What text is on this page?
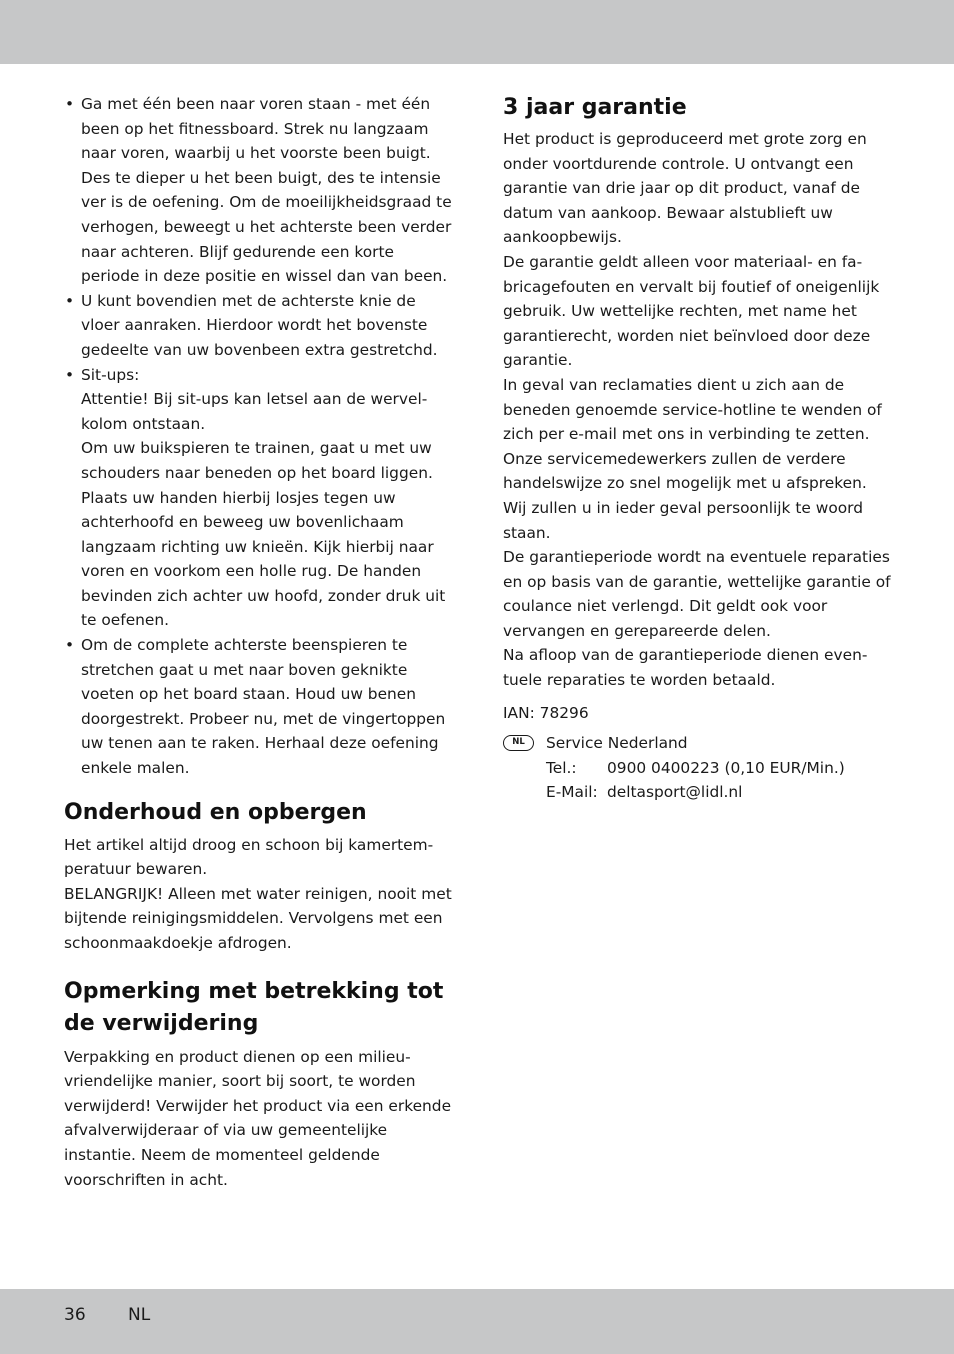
• Ga met één been naar voren staan - met één been op het fitnessboard. Strek nu langzaam naar voren, waarbij u het voorste been buigt. Des te dieper u het been buigt, des te intensie ver is de oefening. Om de moeilijkheidsgraad te verhogen, beweegt u het achterste been verder naar achteren. Blijf gedurende een korte periode in deze positie en wissel dan van been.
• U kunt bovendien met de achterste knie de vloer aanraken. Hierdoor wordt het bovenste gedeelte van uw bovenbeen extra gestretchd.
• Sit-ups:
Attentie! Bij sit-ups kan letsel aan de wervelkolom ontstaan.
Om uw buikspieren te trainen, gaat u met uw schouders naar beneden op het board liggen. Plaats uw handen hierbij losjes tegen uw achterhoofd en beweeg uw bovenlichaam langzaam richting uw knieën. Kijk hierbij naar voren en voorkom een holle rug. De handen bevinden zich achter uw hoofd, zonder druk uit te oefenen.
• Om de complete achterste beenspieren te stretchen gaat u met naar boven geknikte voeten op het board staan. Houd uw benen doorgestrekt. Probeer nu, met de vingertoppen uw tenen aan te raken. Herhaal deze oefening enkele malen.
Onderhoud en opbergen

Het artikel altijd droog en schoon bij kamertemperatuur bewaren.

BELANGRIJK! Alleen met water reinigen, nooit met bijtende reinigingsmiddelen. Vervolgens met een schoonmaakdoekje afdrogen.

Opmerking met betrekking tot de verwijdering

Verpakking en product dienen op een milieuvriendelijke manier, soort bij soort, te worden verwijderd! Verwijder het product via een erkende afvalverwijderaar of via uw gemeentelijke instantie. Neem de momenteel geldende voorschriften in acht.

3 jaar garantie

Het product is geproduceerd met grote zorg en onder voortdurende controle. U ontvangt een garantie van drie jaar op dit product, vanaf de datum van aankoop. Bewaar alstublieft uw aankoopbewijs.

De garantie geldt alleen voor materiaal- en fabricagefouten en vervalt bij foutief of oneigenlijk gebruik. Uw wettelijke rechten, met name het garantierecht, worden niet beïnvloed door deze garantie.

In geval van reclamaties dient u zich aan de beneden genoemde service-hotline te wenden of zich per e-mail met ons in verbinding te zetten. Onze servicemedewerkers zullen de verdere handelswijze zo snel mogelijk met u afspreken. Wij zullen u in ieder geval persoonlijk te woord staan.

De garantieperiode wordt na eventuele reparaties en op basis van de garantie, wettelijke garantie of coulance niet verlengd. Dit geldt ook voor vervangen en gerepareerde delen.

Na afloop van de garantieperiode dienen eventuele reparaties te worden betaald.

IAN: 78296

NL	Service Nederland
Tel.:	0900 0400223 (0,10 EUR/Min.)
E-Mail: deltasport@lidl.nl
36 NL
